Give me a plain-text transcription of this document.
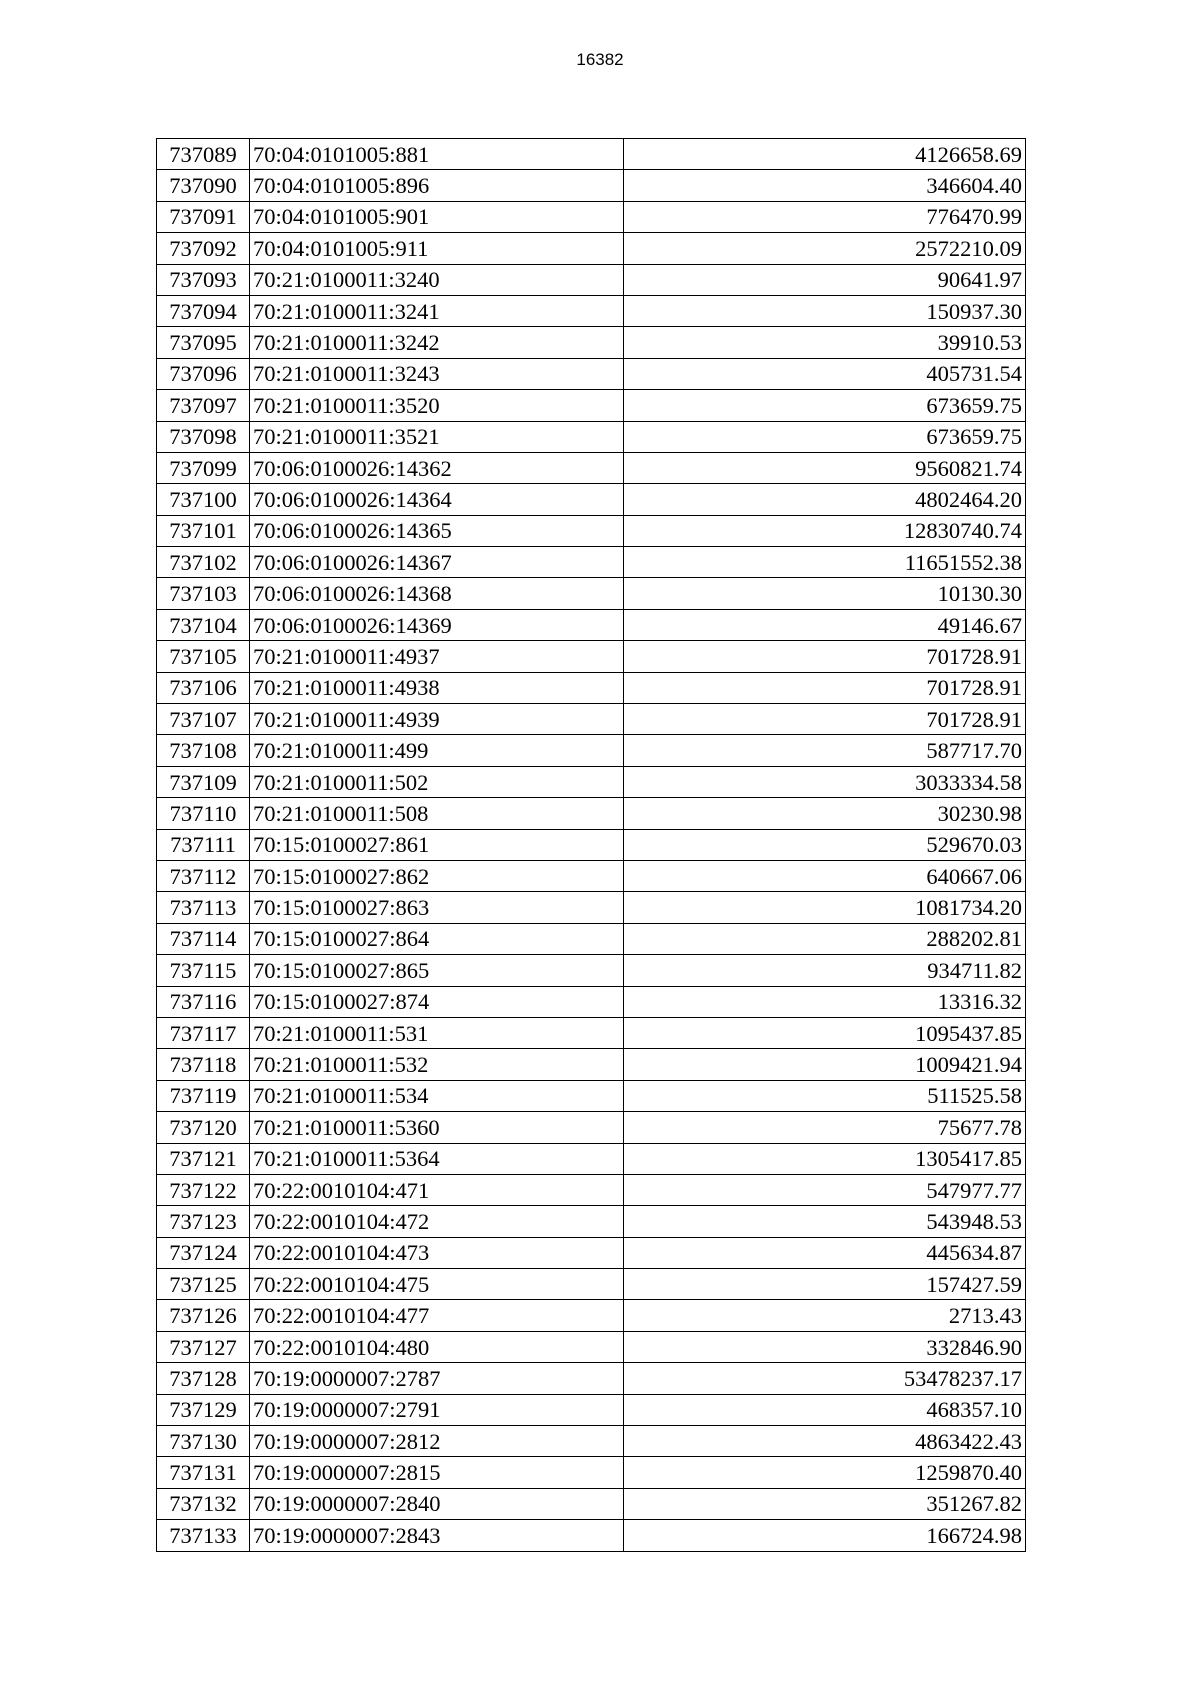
16382
737089	70:04:0101005:881	4126658.69
737090	70:04:0101005:896	346604.40
737091	70:04:0101005:901	776470.99
737092	70:04:0101005:911	2572210.09
737093	70:21:0100011:3240	90641.97
737094	70:21:0100011:3241	150937.30
737095	70:21:0100011:3242	39910.53
737096	70:21:0100011:3243	405731.54
737097	70:21:0100011:3520	673659.75
737098	70:21:0100011:3521	673659.75
737099	70:06:0100026:14362	9560821.74
737100	70:06:0100026:14364	4802464.20
737101	70:06:0100026:14365	12830740.74
737102	70:06:0100026:14367	11651552.38
737103	70:06:0100026:14368	10130.30
737104	70:06:0100026:14369	49146.67
737105	70:21:0100011:4937	701728.91
737106	70:21:0100011:4938	701728.91
737107	70:21:0100011:4939	701728.91
737108	70:21:0100011:499	587717.70
737109	70:21:0100011:502	3033334.58
737110	70:21:0100011:508	30230.98
737111	70:15:0100027:861	529670.03
737112	70:15:0100027:862	640667.06
737113	70:15:0100027:863	1081734.20
737114	70:15:0100027:864	288202.81
737115	70:15:0100027:865	934711.82
737116	70:15:0100027:874	13316.32
737117	70:21:0100011:531	1095437.85
737118	70:21:0100011:532	1009421.94
737119	70:21:0100011:534	511525.58
737120	70:21:0100011:5360	75677.78
737121	70:21:0100011:5364	1305417.85
737122	70:22:0010104:471	547977.77
737123	70:22:0010104:472	543948.53
737124	70:22:0010104:473	445634.87
737125	70:22:0010104:475	157427.59
737126	70:22:0010104:477	2713.43
737127	70:22:0010104:480	332846.90
737128	70:19:0000007:2787	53478237.17
737129	70:19:0000007:2791	468357.10
737130	70:19:0000007:2812	4863422.43
737131	70:19:0000007:2815	1259870.40
737132	70:19:0000007:2840	351267.82
737133	70:19:0000007:2843	166724.98
